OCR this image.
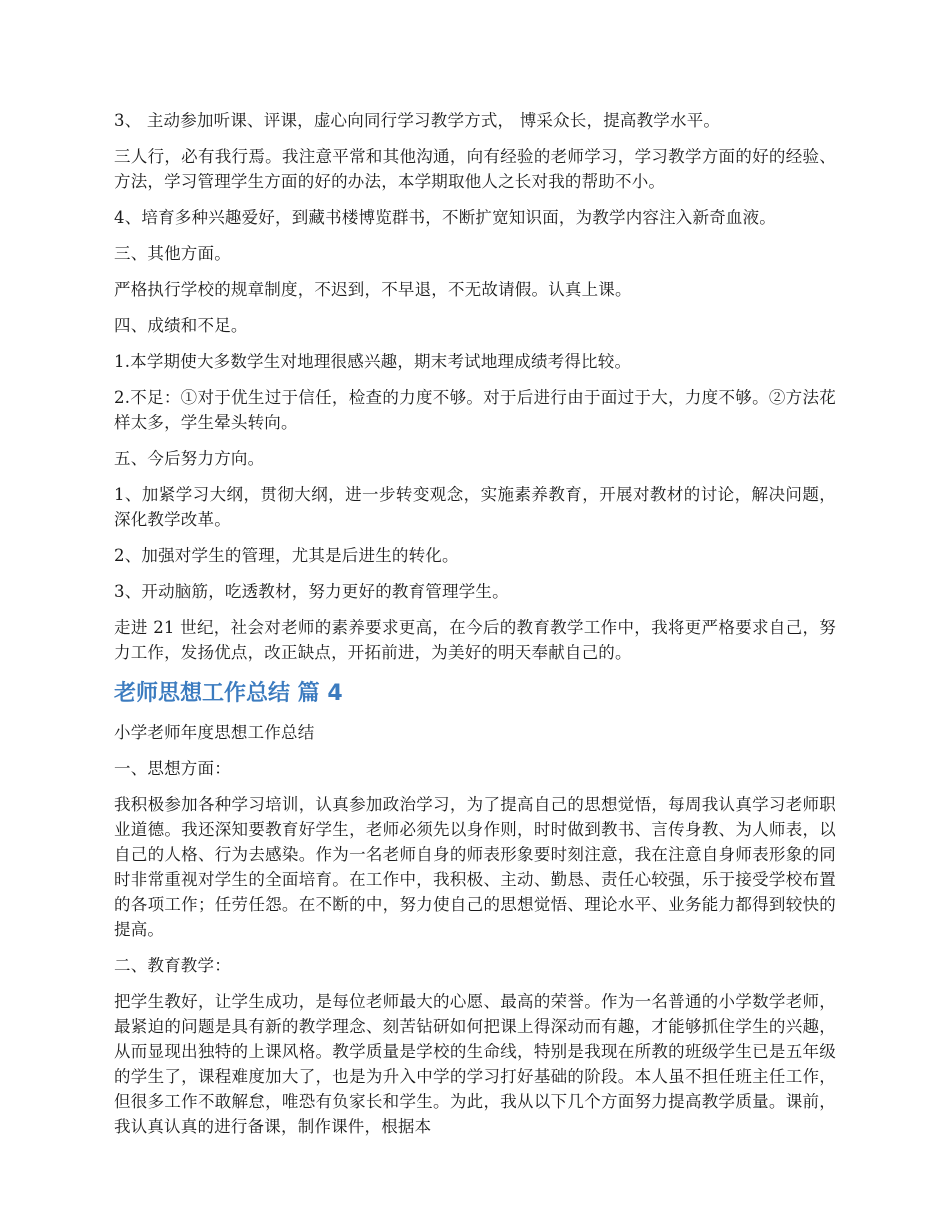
3、 主动参加听课、评课，虚心向同行学习教学方式， 博采众长，提高教学水平。

三人行，必有我行焉。我注意平常和其他沟通，向有经验的老师学习，学习教学方面的好的经验、方法，学习管理学生方面的好的办法，本学期取他人之长对我的帮助不小。

4、培育多种兴趣爱好，到藏书楼博览群书，不断扩宽知识面，为教学内容注入新奇血液。

三、其他方面。

严格执行学校的规章制度，不迟到，不早退，不无故请假。认真上课。

四、成绩和不足。

1.本学期使大多数学生对地理很感兴趣，期末考试地理成绩考得比较。

2.不足：①对于优生过于信任，检查的力度不够。对于后进行由于面过于大，力度不够。②方法花样太多，学生晕头转向。

五、今后努力方向。

1、加紧学习大纲，贯彻大纲，进一步转变观念，实施素养教育，开展对教材的讨论，解决问题，深化教学改革。

2、加强对学生的管理，尤其是后进生的转化。

3、开动脑筋，吃透教材，努力更好的教育管理学生。

走进 21 世纪，社会对老师的素养要求更高，在今后的教育教学工作中，我将更严格要求自己，努力工作，发扬优点，改正缺点，开拓前进，为美好的明天奉献自己的。

老师思想工作总结 篇 4

小学老师年度思想工作总结

一、思想方面：

我积极参加各种学习培训，认真参加政治学习，为了提高自己的思想觉悟，每周我认真学习老师职业道德。我还深知要教育好学生，老师必须先以身作则，时时做到教书、言传身教、为人师表，以自己的人格、行为去感染。作为一名老师自身的师表形象要时刻注意，我在注意自身师表形象的同时非常重视对学生的全面培育。在工作中，我积极、主动、勤恳、责任心较强，乐于接受学校布置的各项工作；任劳任怨。在不断的中，努力使自己的思想觉悟、理论水平、业务能力都得到较快的提高。

二、教育教学：

把学生教好，让学生成功，是每位老师最大的心愿、最高的荣誉。作为一名普通的小学数学老师，最紧迫的问题是具有新的教学理念、刻苦钻研如何把课上得深动而有趣，才能够抓住学生的兴趣，从而显现出独特的上课风格。教学质量是学校的生命线，特别是我现在所教的班级学生已是五年级的学生了，课程难度加大了，也是为升入中学的学习打好基础的阶段。本人虽不担任班主任工作，但很多工作不敢解怠，唯恐有负家长和学生。为此，我从以下几个方面努力提高教学质量。课前，我认真认真的进行备课，制作课件，根据本
